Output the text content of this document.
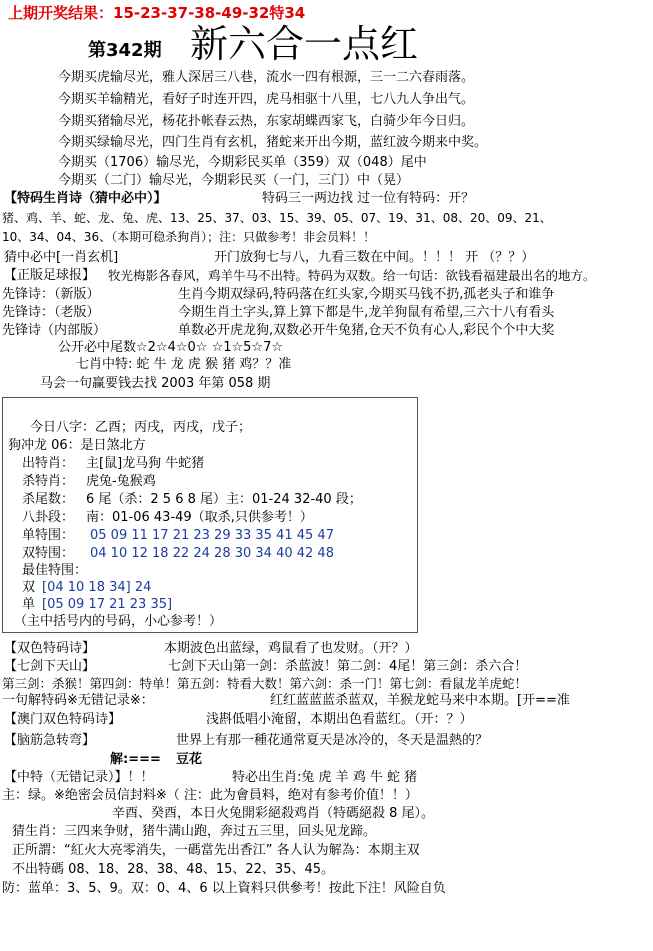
上期开奖结果：15-23-37-38-49-32特34
第342期 新六合一点红
今期买虎输尽光，雅人深居三八巷，流水一四有根源，三一二六春雨落。
今期买羊输精光，看好子时连开四，虎马相驱十八里，七八九人争出气。
今期买猪输尽光，杨花扑帐春云热，东家胡蝶西家飞，白骑少年今日归。
今期买绿输尽光，四门生肖有玄机，猪蛇来开出今期，蓝红波今期来中奖。
今期买（1706）输尽光，今期彩民买单（359）双（048）尾中
今期买（二门）输尽光，今期彩民买（一门，三门）中（晃）
【特码生肖诗（猜中必中）】	特码三一两边找 过一位有特码：开？
猪、鸡、羊、蛇、龙、兔、虎、13、25、37、03、15、39、05、07、19、31、08、20、09、21、
10、34、04、36、（本期可稳杀狗肖）；注：只做参考！非会员料！！
猜中必中[一肖玄机]	开门放狗七与八，九看三数在中间。！！！ 开 （？？）
【正版足球报】 牧光梅影各春风，鸡羊牛马不出特。特码为双数。给一句话：欲钱看福建最出名的地方。
先锋诗：（新版）	生肖今期双绿码,特码落在红头家,今期买马钱不扔,孤老头子和谁争
先锋诗：（老版）	今期生肖土字头,算上算下都是牛,龙羊狗鼠有希望,三六十八有看头
先锋诗（内部版）	单数必开虎龙狗,双数必开牛兔猪,仓天不负有心人,彩民个个中大奖
公开必中尾数☆2☆4☆0☆ ☆1☆5☆7☆
七肖中特: 蛇 牛 龙 虎 猴 猪 鸡？？准
马会一句赢要钱去找 2003 年第 058 期
今日八字：乙酉；丙戌，丙戌，戊子；
狗冲龙 06：是日煞北方
出特肖： 主[鼠]龙马狗 牛蛇猪
杀特肖： 虎兔-兔猴鸡
杀尾数： 6 尾（杀：2 5 6 8 尾）主：01-24 32-40 段；
八卦段： 南：01-06 43-49（取杀,只供参考！）
单特围： 05 09 11 17 21 23 29 33 35 41 45 47
双特围： 04 10 12 18 22 24 28 30 34 40 42 48
最佳特围：
双 [04 10 18 34] 24
单 [05 09 17 21 23 35]
（主中括号内的号码，小心参考！）
【双色特码诗】	本期波色出蓝绿，鸡鼠看了也发财。（开？）
【七剑下天山】	七剑下天山第一剑：杀蓝波！第二剑：4尾！第三剑：杀六合！
第三剑：杀猴！第四剑：特单！第五剑：特看大数！第六剑：杀一门！第七剑：看鼠龙羊虎蛇！
一句解特码※无错记录※：	红红蓝蓝蓝杀蓝双，羊猴龙蛇马来中本期。[开==准
【澳门双色特码诗】	浅斟低唱小淹留，本期出色看蓝红。（开：？）
【脑筋急转弯】	世界上有那一種花通常夏天是冰冷的，冬天是温熱的？
解:=== 豆花
【中特（无错记录）】！！	特必出生肖:兔 虎 羊 鸡 牛 蛇 猪
主：绿。※绝密会员信封料※（ 注：此为會員料，绝对有参考价值！！）
辛酉、癸酉，本日火兔開彩絕殺鸡肖（特碼絕殺 8 尾）。
猜生肖：三四来争财，猪牛满山跑，奔过五三里，回头见龙蹄。
正所謂：“紅火大亮零消失，一碼當先出香江” 各人认为解為：本期主双
不出特碼 08、18、28、38、48、15、22、35、45。
防：蓝单：3、5、9。双：0、4、6 以上資料只供參考！按此下注！风险自负
